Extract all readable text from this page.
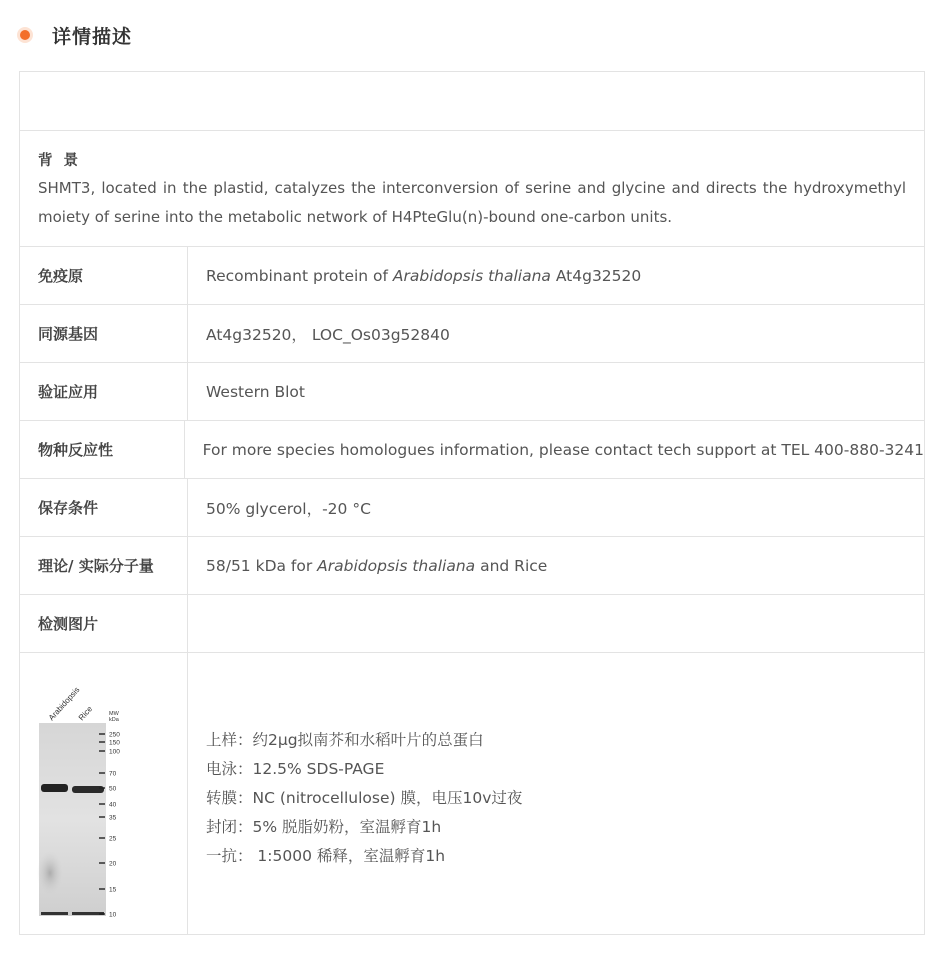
详情描述
背 景
SHMT3, located in the plastid, catalyzes the interconversion of serine and glycine and directs the hydroxymethyl moiety of serine into the metabolic network of H4PteGlu(n)-bound one-carbon units.
免疫原	Recombinant protein of Arabidopsis thaliana At4g32520
同源基因	At4g32520， LOC_Os03g52840
验证应用	Western Blot
物种反应性	For more species homologues information, please contact tech support at TEL 400-880-3241
保存条件	50% glycerol，-20 °C
理论/ 实际分子量	58/51 kDa for Arabidopsis thaliana and Rice
检测图片
Arabidopsis
Rice	MW
kDa
250
150
100
70
50
40
35
25
20
15
10
上样：约2μg拟南芥和水稻叶片的总蛋白
电泳：12.5% SDS-PAGE
转膜：NC (nitrocellulose) 膜，电压10v过夜
封闭：5% 脱脂奶粉，室温孵育1h
一抗： 1:5000 稀释，室温孵育1h
